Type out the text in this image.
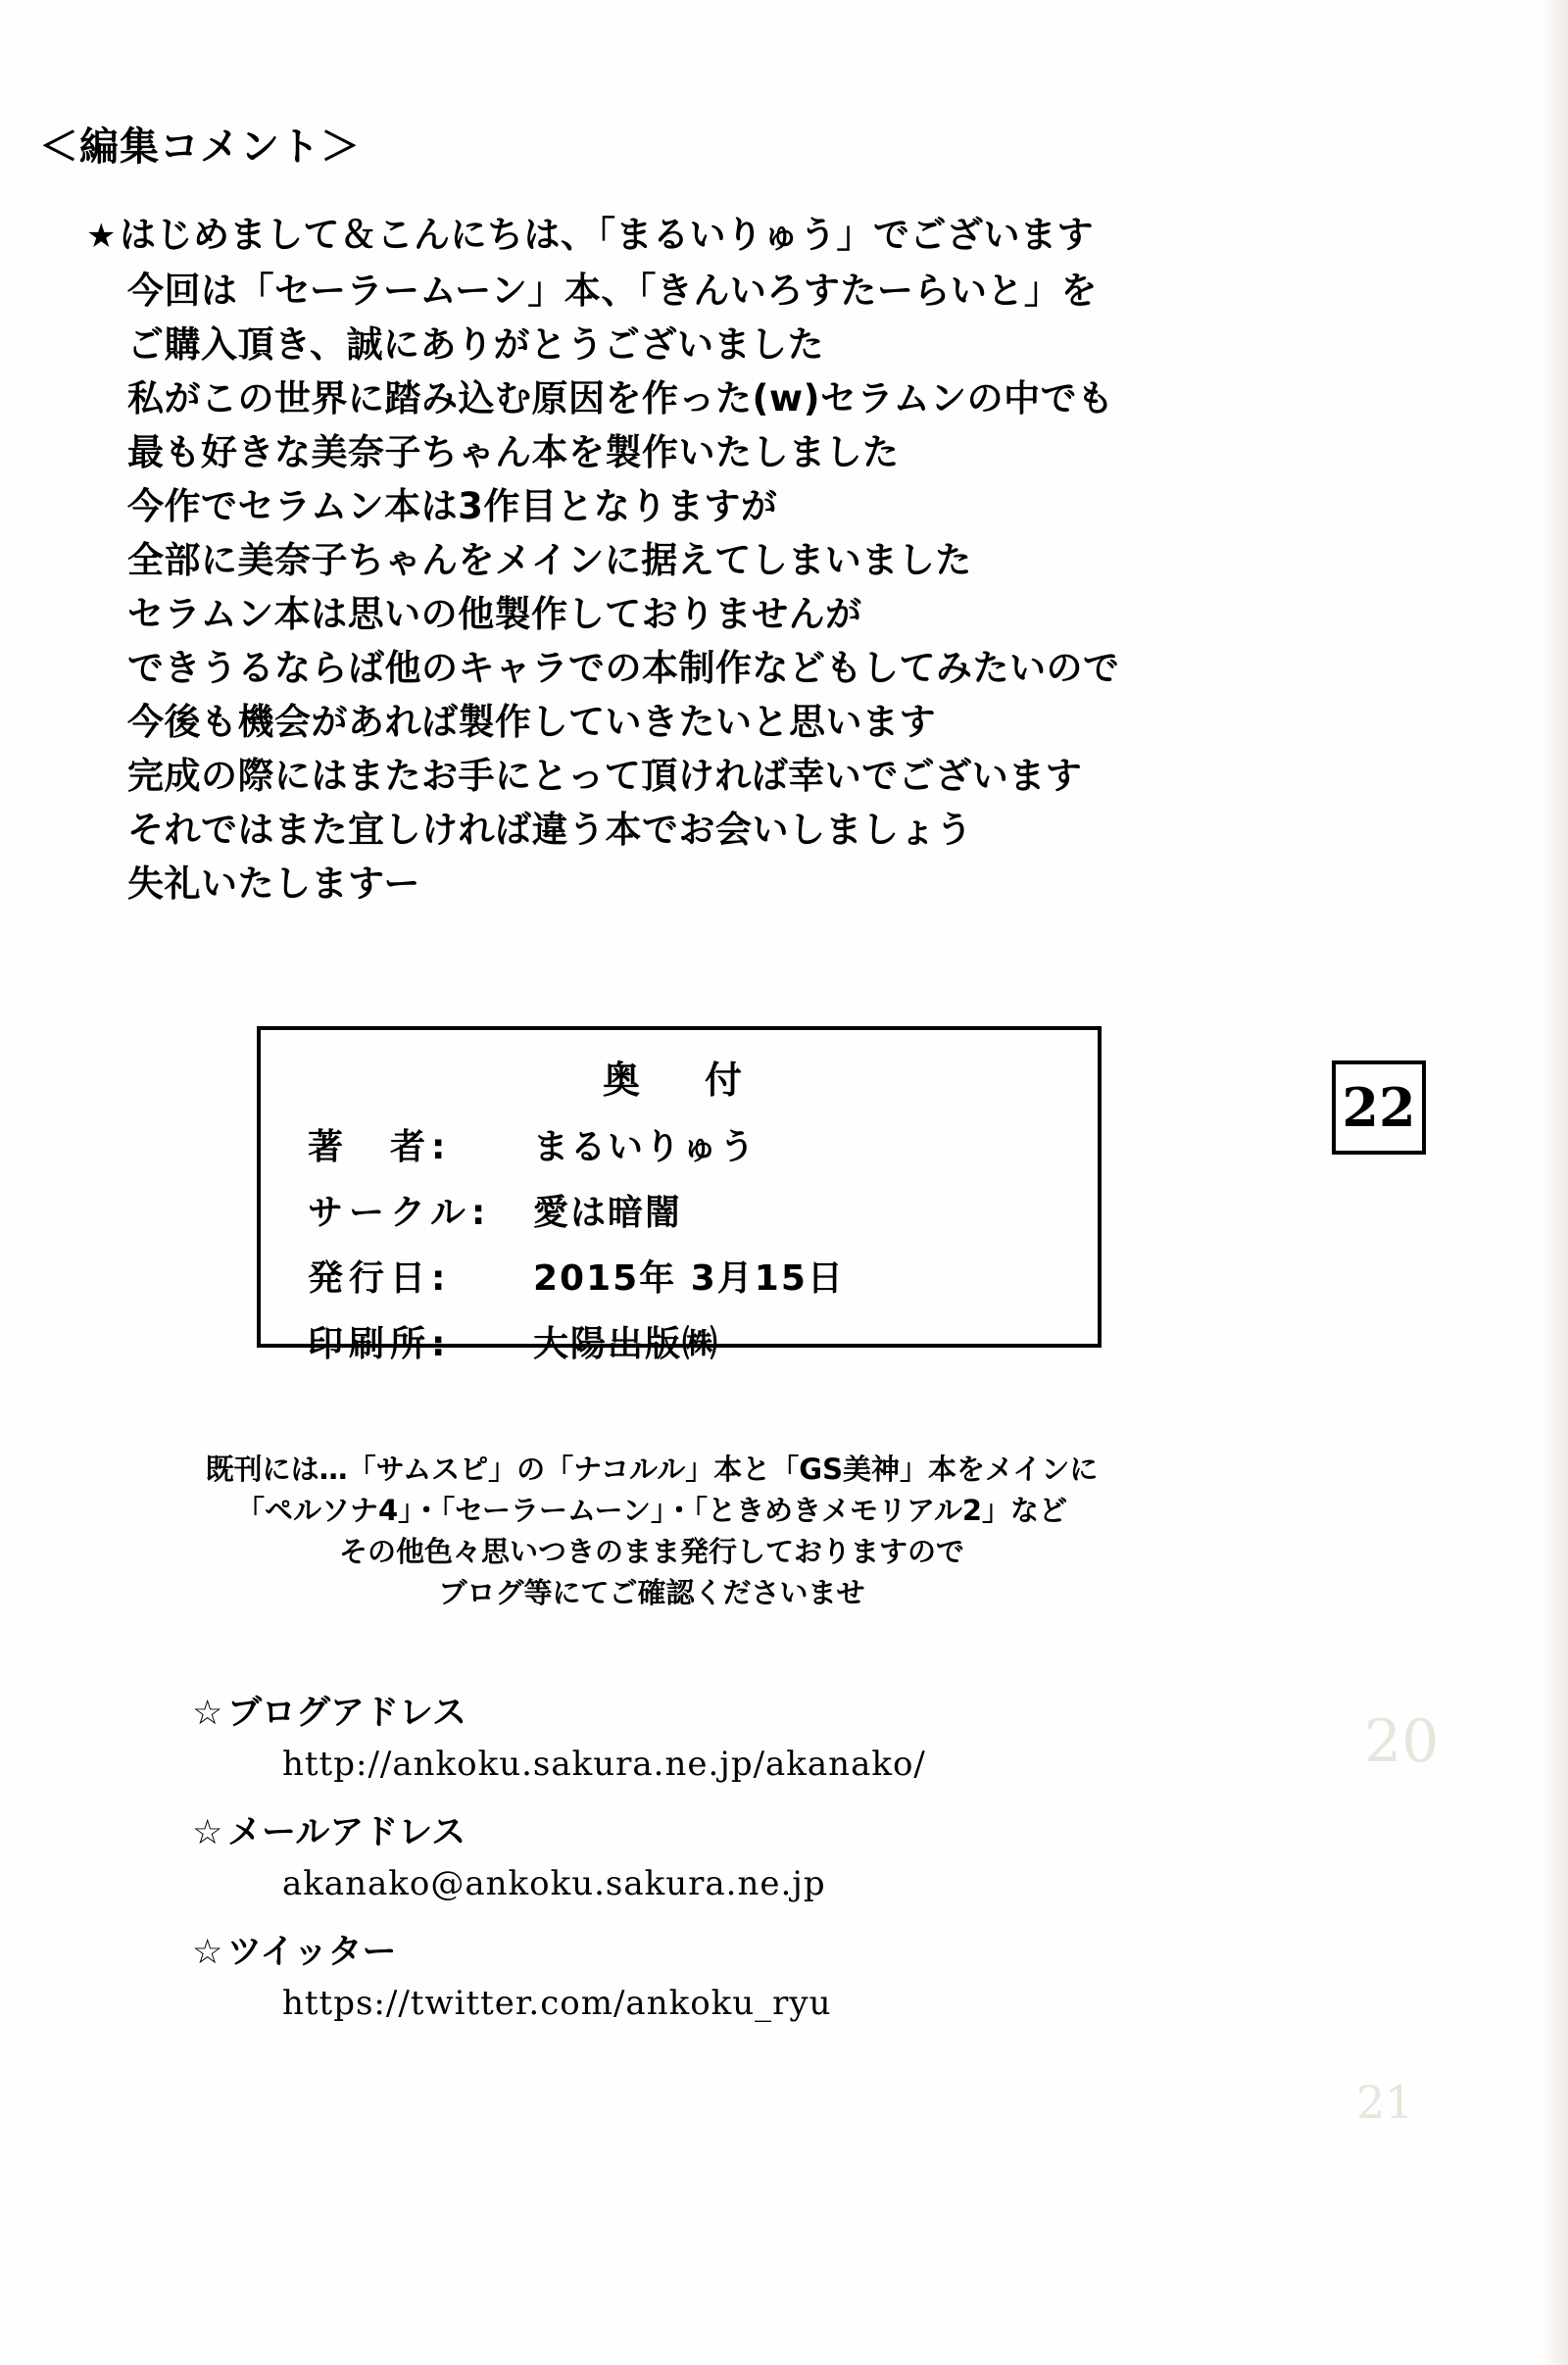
＜編集コメント＞
★はじめまして＆こんにちは、「まるいりゅう」でございます
今回は「セーラームーン」本、「きんいろすたーらいと」を
ご購入頂き、誠にありがとうございました
私がこの世界に踏み込む原因を作った(w)セラムンの中でも
最も好きな美奈子ちゃん本を製作いたしました
今作でセラムン本は3作目となりますが
全部に美奈子ちゃんをメインに据えてしまいました
セラムン本は思いの他製作しておりませんが
できうるならば他のキャラでの本制作などもしてみたいので
今後も機会があれば製作していきたいと思います
完成の際にはまたお手にとって頂ければ幸いでございます
それではまた宜しければ違う本でお会いしましょう
失礼いたしますー
奥　付
著　者:	まるいりゅう
サークル:	愛は暗闇
発行日:	2015年 3月15日
印刷所:	大陽出版㈱
22
既刊には…「サムスピ」の「ナコルル」本と「GS美神」本をメインに
「ペルソナ4」・「セーラームーン」・「ときめきメモリアル2」など
その他色々思いつきのまま発行しておりますので
ブログ等にてご確認くださいませ
☆ ブログアドレス
http://ankoku.sakura.ne.jp/akanako/
☆ メールアドレス
akanako@ankoku.sakura.ne.jp
☆ ツイッター
https://twitter.com/ankoku_ryu
20
21
